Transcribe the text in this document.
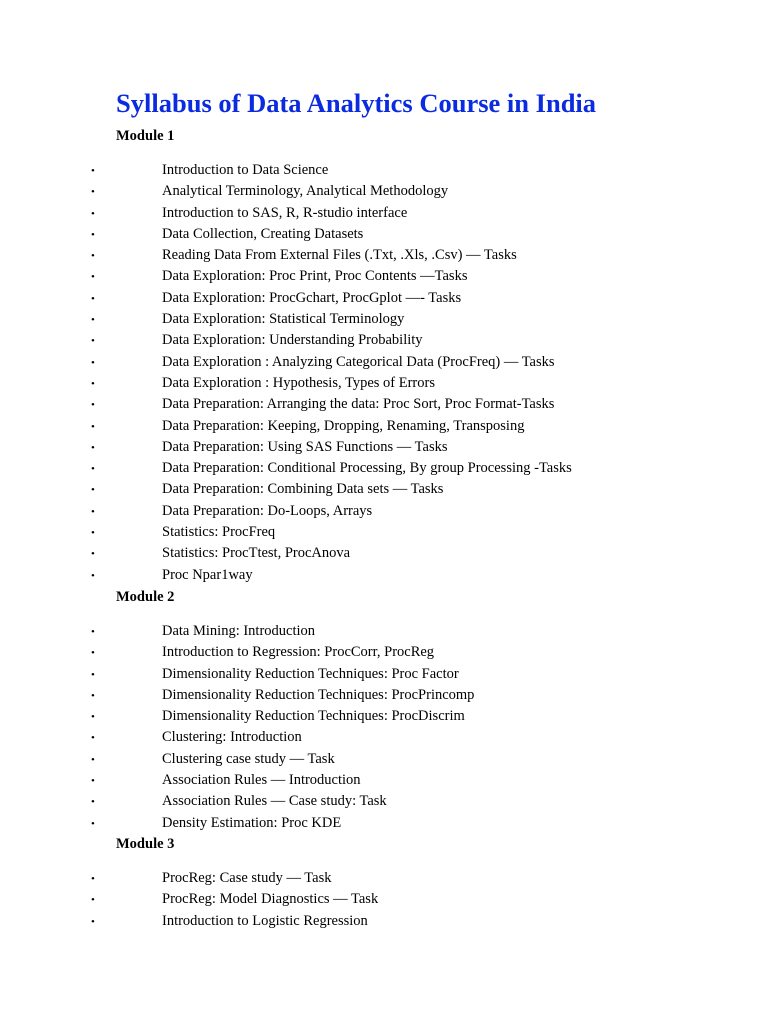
Syllabus of Data Analytics Course in India
Module 1
•	Introduction to Data Science
•	Analytical Terminology, Analytical Methodology
•	Introduction to SAS, R, R-studio interface
•	Data Collection, Creating Datasets
•	Reading Data From External Files (.Txt, .Xls, .Csv) — Tasks
•	Data Exploration: Proc Print, Proc Contents —Tasks
•	Data Exploration: ProcGchart, ProcGplot —- Tasks
•	Data Exploration: Statistical Terminology
•	Data Exploration: Understanding Probability
•	Data Exploration : Analyzing Categorical Data (ProcFreq) — Tasks
•	Data Exploration : Hypothesis, Types of Errors
•	Data Preparation: Arranging the data: Proc Sort, Proc Format-Tasks
•	Data Preparation: Keeping, Dropping, Renaming, Transposing
•	Data Preparation: Using SAS Functions — Tasks
•	Data Preparation: Conditional Processing, By group Processing -Tasks
•	Data Preparation: Combining Data sets — Tasks
•	Data Preparation: Do-Loops, Arrays
•	Statistics: ProcFreq
•	Statistics: ProcTtest, ProcAnova
•	Proc Npar1way
Module 2
•	Data Mining: Introduction
•	Introduction to Regression: ProcCorr, ProcReg
•	Dimensionality Reduction Techniques: Proc Factor
•	Dimensionality Reduction Techniques: ProcPrincomp
•	Dimensionality Reduction Techniques: ProcDiscrim
•	Clustering: Introduction
•	Clustering case study — Task
•	Association Rules — Introduction
•	Association Rules — Case study: Task
•	Density Estimation: Proc KDE
Module 3
•	ProcReg: Case study — Task
•	ProcReg: Model Diagnostics — Task
•	Introduction to Logistic Regression
